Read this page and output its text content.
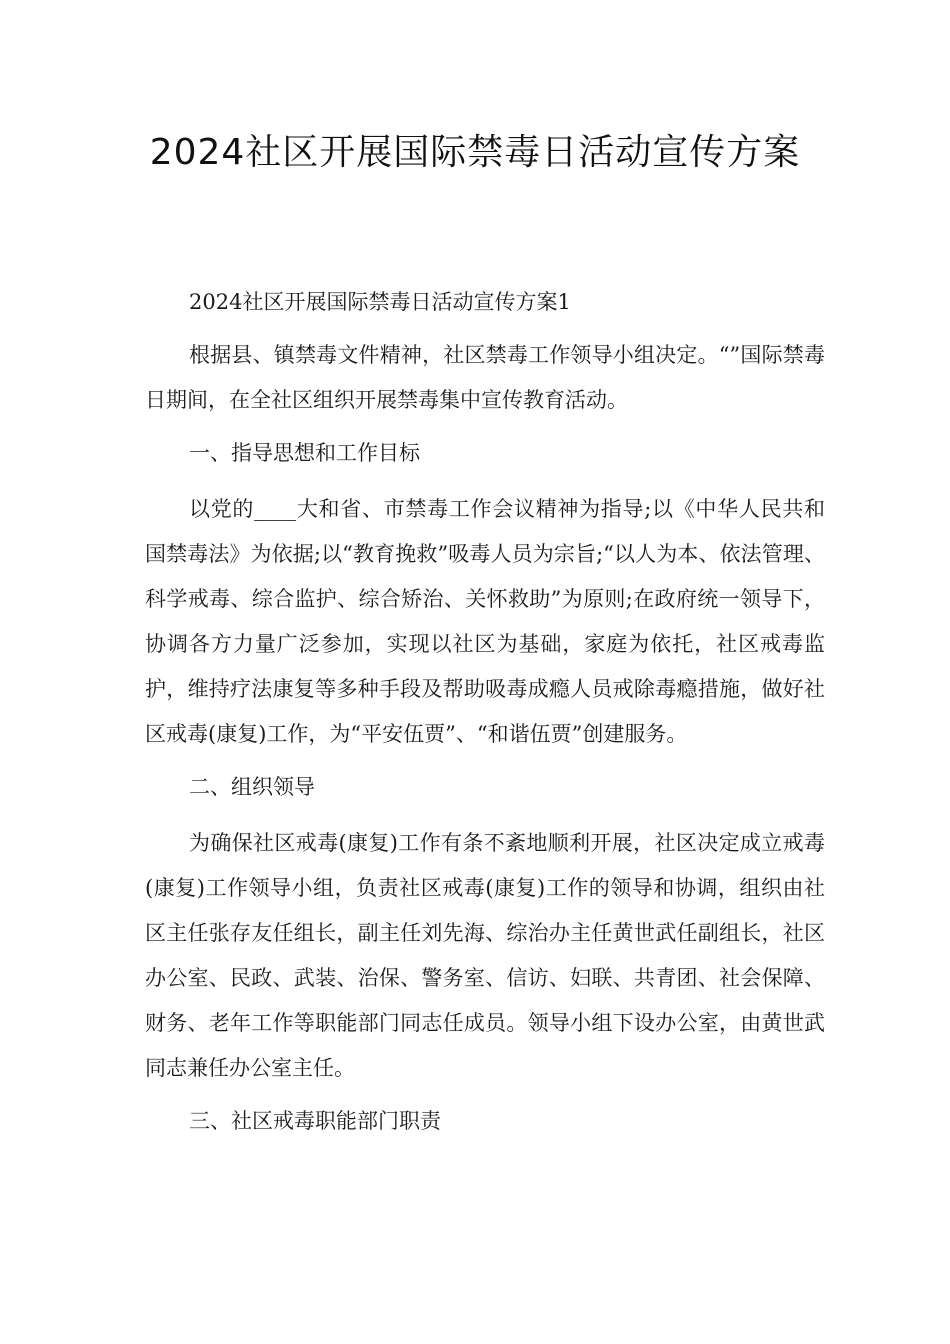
2024社区开展国际禁毒日活动宣传方案

2024社区开展国际禁毒日活动宣传方案1

根据县、镇禁毒文件精神，社区禁毒工作领导小组决定。“”国际禁毒日期间，在全社区组织开展禁毒集中宣传教育活动。

一、指导思想和工作目标

以党的____大和省、市禁毒工作会议精神为指导;以《中华人民共和国禁毒法》为依据;以“教育挽救”吸毒人员为宗旨;“以人为本、依法管理、科学戒毒、综合监护、综合矫治、关怀救助”为原则;在政府统一领导下，协调各方力量广泛参加，实现以社区为基础，家庭为依托，社区戒毒监护，维持疗法康复等多种手段及帮助吸毒成瘾人员戒除毒瘾措施，做好社区戒毒(康复)工作，为“平安伍贾”、“和谐伍贾”创建服务。

二、组织领导

为确保社区戒毒(康复)工作有条不紊地顺利开展，社区决定成立戒毒(康复)工作领导小组，负责社区戒毒(康复)工作的领导和协调，组织由社区主任张存友任组长，副主任刘先海、综治办主任黄世武任副组长，社区办公室、民政、武装、治保、警务室、信访、妇联、共青团、社会保障、财务、老年工作等职能部门同志任成员。领导小组下设办公室，由黄世武同志兼任办公室主任。

三、社区戒毒职能部门职责
